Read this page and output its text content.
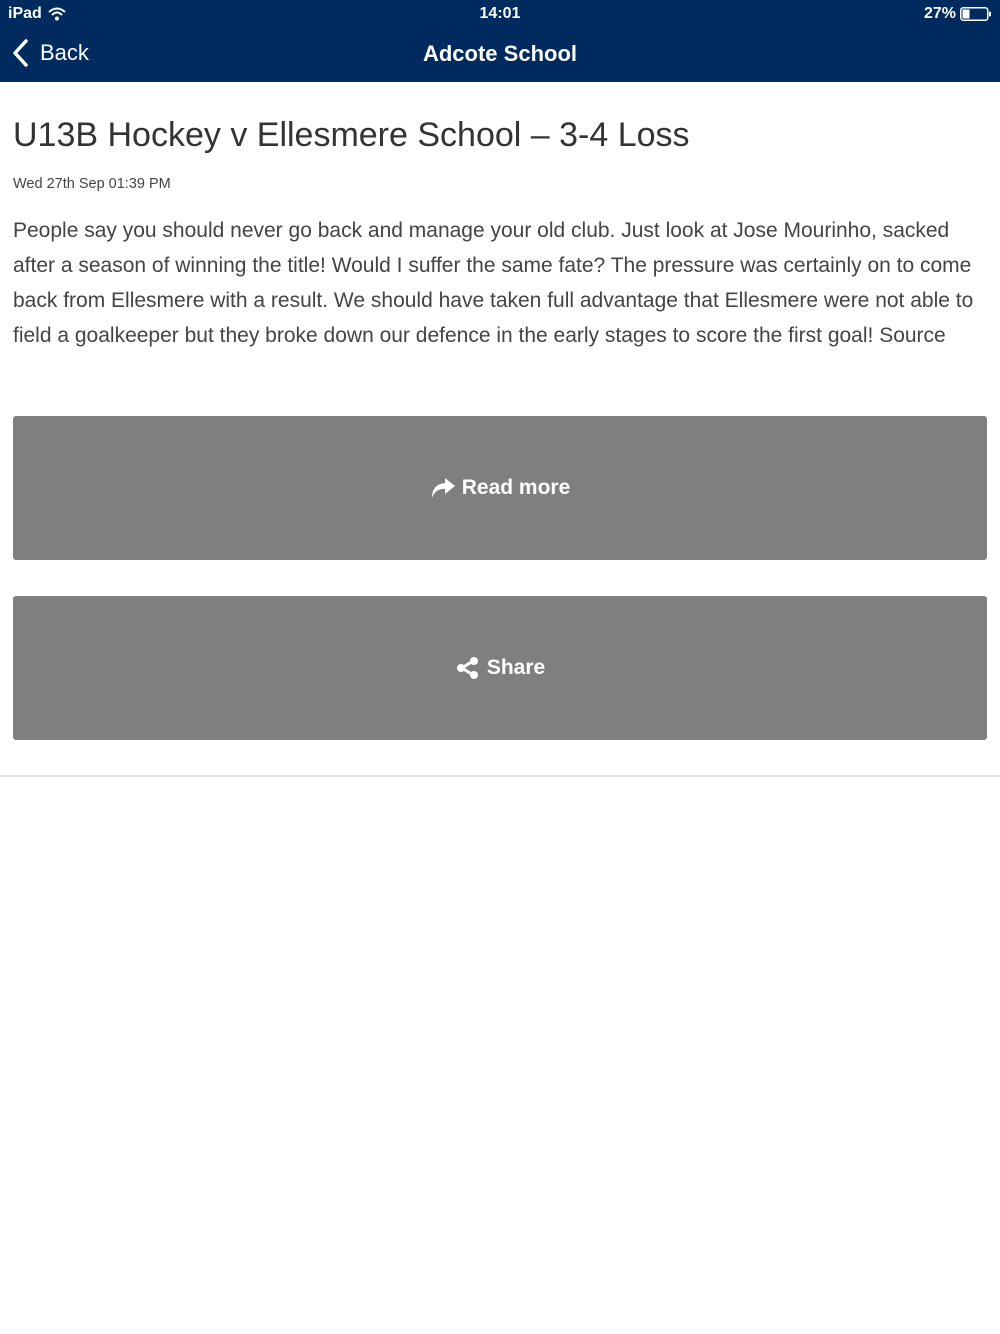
iPad	14:01	27%
Back	Adcote School
U13B Hockey v Ellesmere School – 3-4 Loss
Wed 27th Sep 01:39 PM
People say you should never go back and manage your old club. Just look at Jose Mourinho, sacked after a season of winning the title! Would I suffer the same fate? The pressure was certainly on to come back from Ellesmere with a result. We should have taken full advantage that Ellesmere were not able to field a goalkeeper but they broke down our defence in the early stages to score the first goal! Source
Read more
Share
